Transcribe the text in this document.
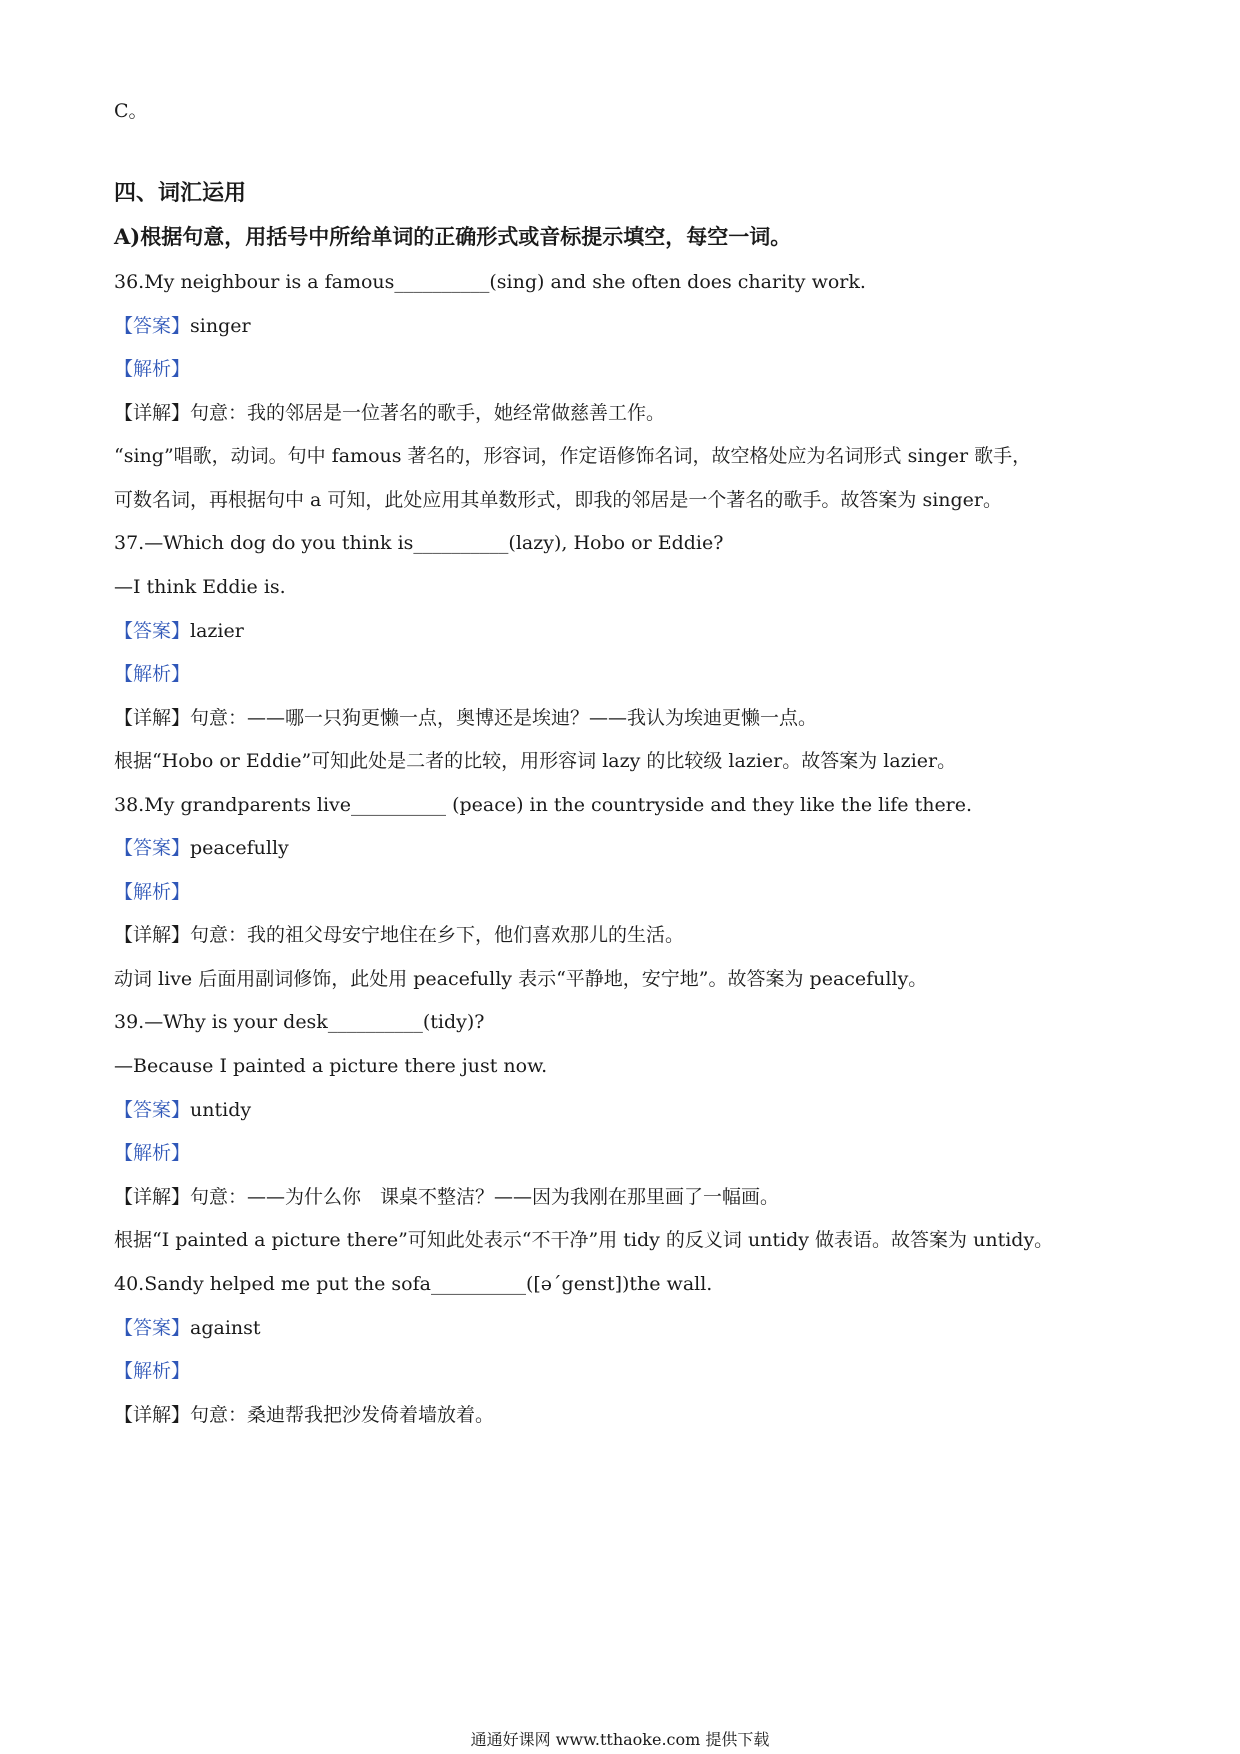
C。
四、词汇运用
A)根据句意，用括号中所给单词的正确形式或音标提示填空，每空一词。
36.My neighbour is a famous__________(sing) and she often does charity work.
【答案】singer
【解析】
【详解】句意：我的邻居是一位著名的歌手，她经常做慈善工作。
“sing”唱歌，动词。句中 famous 著名的，形容词，作定语修饰名词，故空格处应为名词形式 singer 歌手，
可数名词，再根据句中 a 可知，此处应用其单数形式，即我的邻居是一个著名的歌手。故答案为 singer。
37.—Which dog do you think is__________(lazy), Hobo or Eddie?
—I think Eddie is.
【答案】lazier
【解析】
【详解】句意：——哪一只狗更懒一点，奥博还是埃迪？——我认为埃迪更懒一点。
根据“Hobo or Eddie”可知此处是二者的比较，用形容词 lazy 的比较级 lazier。故答案为 lazier。
38.My grandparents live__________ (peace) in the countryside and they like the life there.
【答案】peacefully
【解析】
【详解】句意：我的祖父母安宁地住在乡下，他们喜欢那儿的生活。
动词 live 后面用副词修饰，此处用 peacefully 表示“平静地，安宁地”。故答案为 peacefully。
39.—Why is your desk__________(tidy)?
—Because I painted a picture there just now.
【答案】untidy
【解析】
【详解】句意：——为什么你　课桌不整洁？——因为我刚在那里画了一幅画。
根据“I painted a picture there”可知此处表示“不干净”用 tidy 的反义词 untidy 做表语。故答案为 untidy。
40.Sandy helped me put the sofa__________([əˊgenst])the wall.
【答案】against
【解析】
【详解】句意：桑迪帮我把沙发倚着墙放着。
通通好课网 www.tthaoke.com 提供下载
